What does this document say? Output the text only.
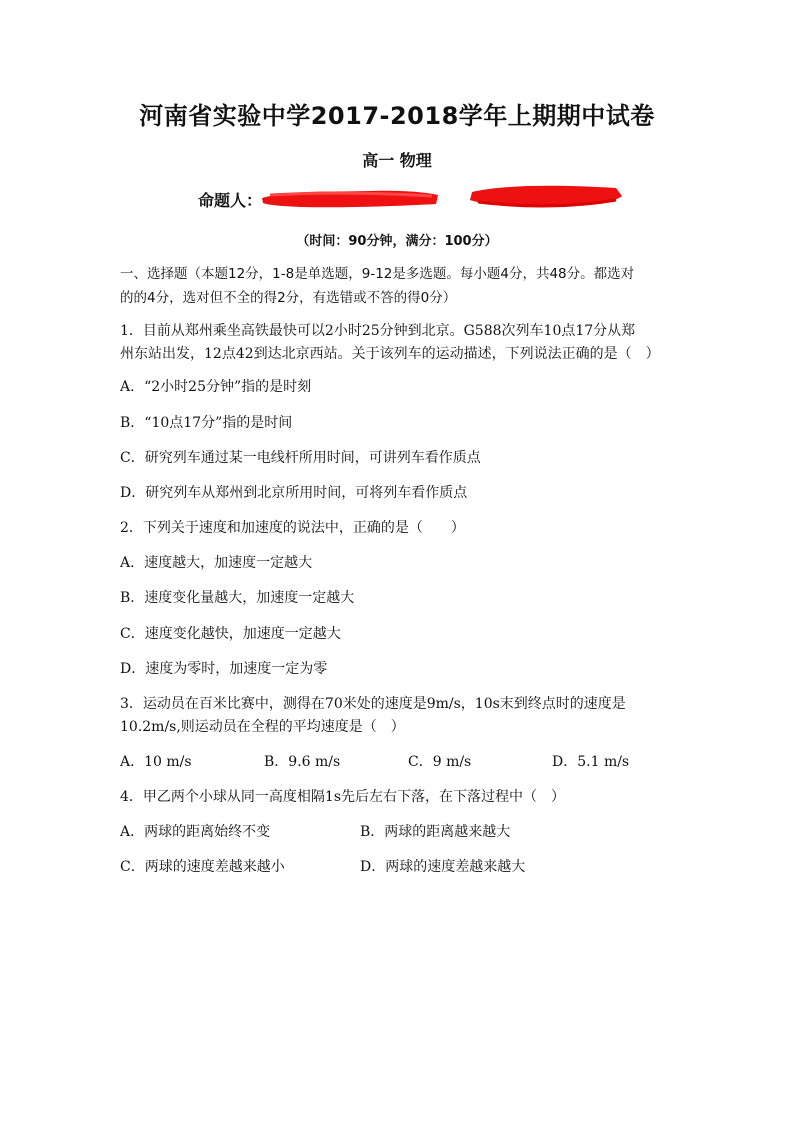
河南省实验中学2017-2018学年上期期中试卷
高一 物理
命题人：
（时间：90分钟，满分：100分）
一、选择题（本题12分，1-8是单选题，9-12是多选题。每小题4分，共48分。都选对
的的4分，选对但不全的得2分，有选错或不答的得0分）
1．目前从郑州乘坐高铁最快可以2小时25分钟到北京。G588次列车10点17分从郑
州东站出发，12点42到达北京西站。关于该列车的运动描述，下列说法正确的是（　）
A．“2小时25分钟”指的是时刻
B．“10点17分”指的是时间
C．研究列车通过某一电线杆所用时间，可讲列车看作质点
D．研究列车从郑州到北京所用时间，可将列车看作质点
2．下列关于速度和加速度的说法中，正确的是（　　）
A．速度越大，加速度一定越大
B．速度变化量越大，加速度一定越大
C．速度变化越快，加速度一定越大
D．速度为零时，加速度一定为零
3．运动员在百米比赛中，测得在70米处的速度是9m/s，10s末到终点时的速度是
10.2m/s,则运动员在全程的平均速度是（　）
A．10 m/s	B．9.6 m/s	C．9 m/s	D．5.1 m/s
4．甲乙两个小球从同一高度相隔1s先后左右下落，在下落过程中（　）
A．两球的距离始终不变	B．两球的距离越来越大
C．两球的速度差越来越小	D．两球的速度差越来越大
